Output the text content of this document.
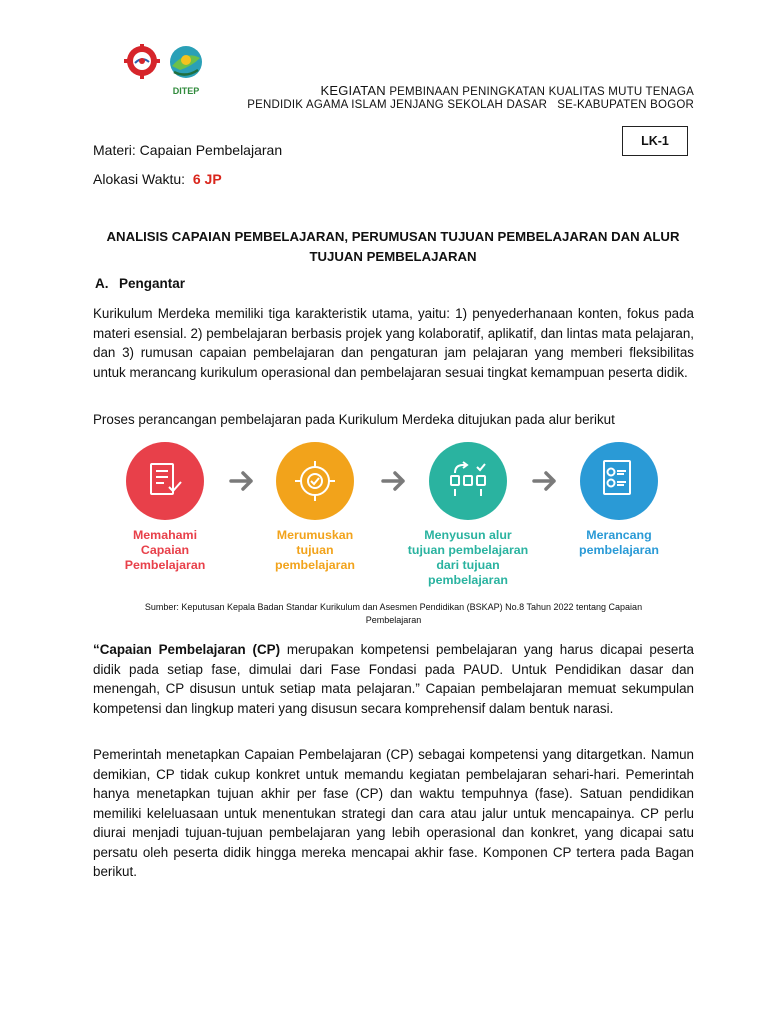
DITEP	KEGIATAN PEMBINAAN PENINGKATAN KUALITAS MUTU TENAGA
PENDIDIK AGAMA ISLAM JENJANG SEKOLAH DASAR   SE-KABUPATEN BOGOR
LK-1
Materi: Capaian Pembelajaran
Alokasi Waktu: 6 JP
ANALISIS CAPAIAN PEMBELAJARAN, PERUMUSAN TUJUAN PEMBELAJARAN DAN ALUR
TUJUAN PEMBELAJARAN
A. Pengantar
Kurikulum Merdeka memiliki tiga karakteristik utama, yaitu: 1) penyederhanaan konten, fokus pada materi esensial. 2) pembelajaran berbasis projek yang kolaboratif, aplikatif, dan lintas mata pelajaran, dan 3) rumusan capaian pembelajaran dan pengaturan jam pelajaran yang memberi fleksibilitas untuk merancang kurikulum operasional dan pembelajaran sesuai tingkat kemampuan peserta didik.
Proses perancangan pembelajaran pada Kurikulum Merdeka ditujukan pada alur berikut
Memahami
Capaian
Pembelajaran
Merumuskan
tujuan
pembelajaran
Menyusun alur
tujuan pembelajaran
dari tujuan
pembelajaran
Merancang
pembelajaran
Sumber: Keputusan Kepala Badan Standar Kurikulum dan Asesmen Pendidikan (BSKAP) No.8 Tahun 2022 tentang Capaian
Pembelajaran
“Capaian Pembelajaran (CP) merupakan kompetensi pembelajaran yang harus dicapai peserta didik pada setiap fase, dimulai dari Fase Fondasi pada PAUD. Untuk Pendidikan dasar dan menengah, CP disusun untuk setiap mata pelajaran.” Capaian pembelajaran memuat sekumpulan kompetensi dan lingkup materi yang disusun secara komprehensif dalam bentuk narasi.
Pemerintah menetapkan Capaian Pembelajaran (CP) sebagai kompetensi yang ditargetkan. Namun demikian, CP tidak cukup konkret untuk memandu kegiatan pembelajaran sehari-hari. Pemerintah hanya menetapkan tujuan akhir per fase (CP) dan waktu tempuhnya (fase). Satuan pendidikan memiliki keleluasaan untuk menentukan strategi dan cara atau jalur untuk mencapainya. CP perlu diurai menjadi tujuan-tujuan pembelajaran yang lebih operasional dan konkret, yang dicapai satu persatu oleh peserta didik hingga mereka mencapai akhir fase. Komponen CP tertera pada Bagan berikut.
